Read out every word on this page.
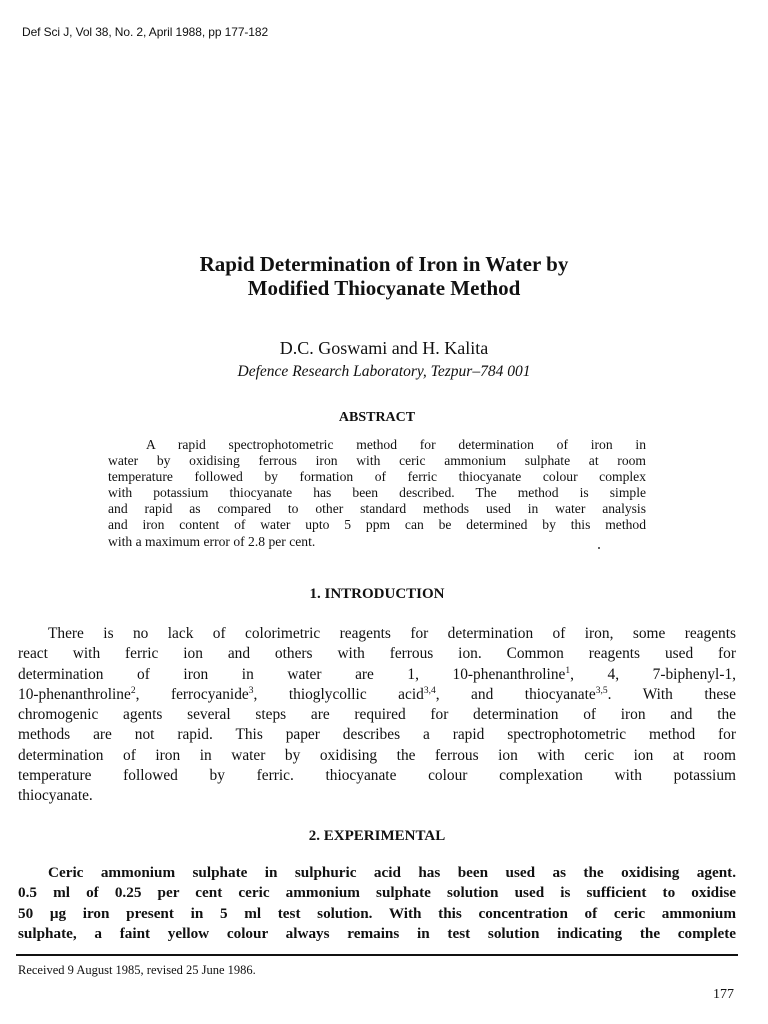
Def Sci J, Vol 38, No. 2, April 1988, pp 177-182
Rapid Determination of Iron in Water by
Modified Thiocyanate Method
D.C. Goswami and H. Kalita
Defence Research Laboratory, Tezpur–784 001
ABSTRACT
A rapid spectrophotometric method for determination of iron in
water by oxidising ferrous iron with ceric ammonium sulphate at room
temperature followed by formation of ferric thiocyanate colour complex
with potassium thiocyanate has been described. The method is simple
and rapid as compared to other standard methods used in water analysis
and iron content of water upto 5 ppm can be determined by this method
with a maximum error of 2.8 per cent.
1. INTRODUCTION
There is no lack of colorimetric reagents for determination of iron, some reagents
react with ferric ion and others with ferrous ion. Common reagents used for
determination of iron in water are 1, 10-phenanthroline$^1$, 4, 7-biphenyl-1,
10-phenanthroline$^2$, ferrocyanide$^3$, thioglycollic acid$^{3,4}$, and thiocyanate$^{3,5}$. With these
chromogenic agents several steps are required for determination of iron and the
methods are not rapid. This paper describes a rapid spectrophotometric method for
determination of iron in water by oxidising the ferrous ion with ceric ion at room
temperature followed by ferric. thiocyanate colour complexation with potassium
thiocyanate.
2. EXPERIMENTAL
Ceric ammonium sulphate in sulphuric acid has been used as the oxidising agent.
0.5 ml of 0.25 per cent ceric ammonium sulphate solution used is sufficient to oxidise
50 μg iron present in 5 ml test solution. With this concentration of ceric ammonium
sulphate, a faint yellow colour always remains in test solution indicating the complete
Received 9 August 1985, revised 25 June 1986.
177
